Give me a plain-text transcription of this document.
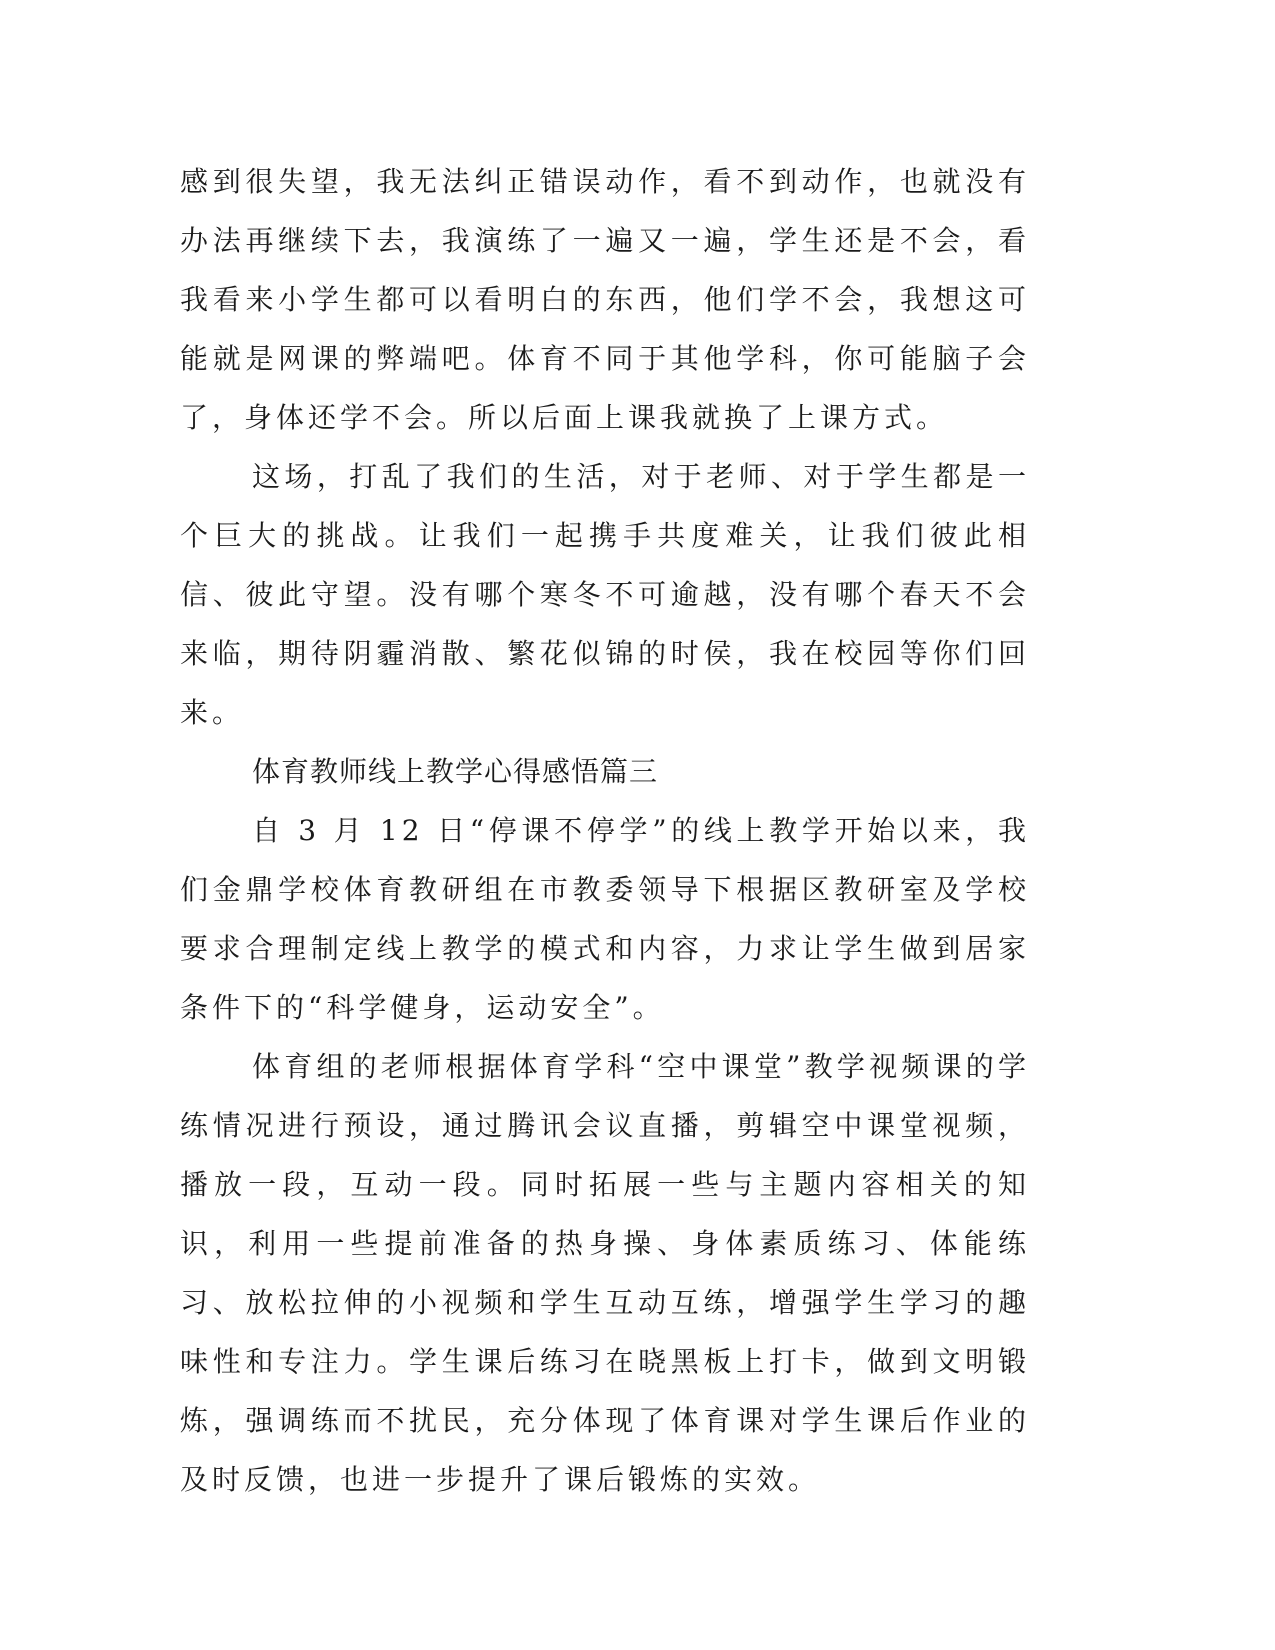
感到很失望，我无法纠正错误动作，看不到动作，也就没有办法再继续下去，我演练了一遍又一遍，学生还是不会，看我看来小学生都可以看明白的东西，他们学不会，我想这可能就是网课的弊端吧。体育不同于其他学科，你可能脑子会了，身体还学不会。所以后面上课我就换了上课方式。

这场，打乱了我们的生活，对于老师、对于学生都是一个巨大的挑战。让我们一起携手共度难关，让我们彼此相信、彼此守望。没有哪个寒冬不可逾越，没有哪个春天不会来临，期待阴霾消散、繁花似锦的时侯，我在校园等你们回来。

体育教师线上教学心得感悟篇三

自 3 月 12 日“停课不停学”的线上教学开始以来，我们金鼎学校体育教研组在市教委领导下根据区教研室及学校要求合理制定线上教学的模式和内容，力求让学生做到居家条件下的“科学健身，运动安全”。

体育组的老师根据体育学科“空中课堂”教学视频课的学练情况进行预设，通过腾讯会议直播，剪辑空中课堂视频，播放一段，互动一段。同时拓展一些与主题内容相关的知识，利用一些提前准备的热身操、身体素质练习、体能练习、放松拉伸的小视频和学生互动互练，增强学生学习的趣味性和专注力。学生课后练习在晓黑板上打卡，做到文明锻炼，强调练而不扰民，充分体现了体育课对学生课后作业的及时反馈，也进一步提升了课后锻炼的实效。
